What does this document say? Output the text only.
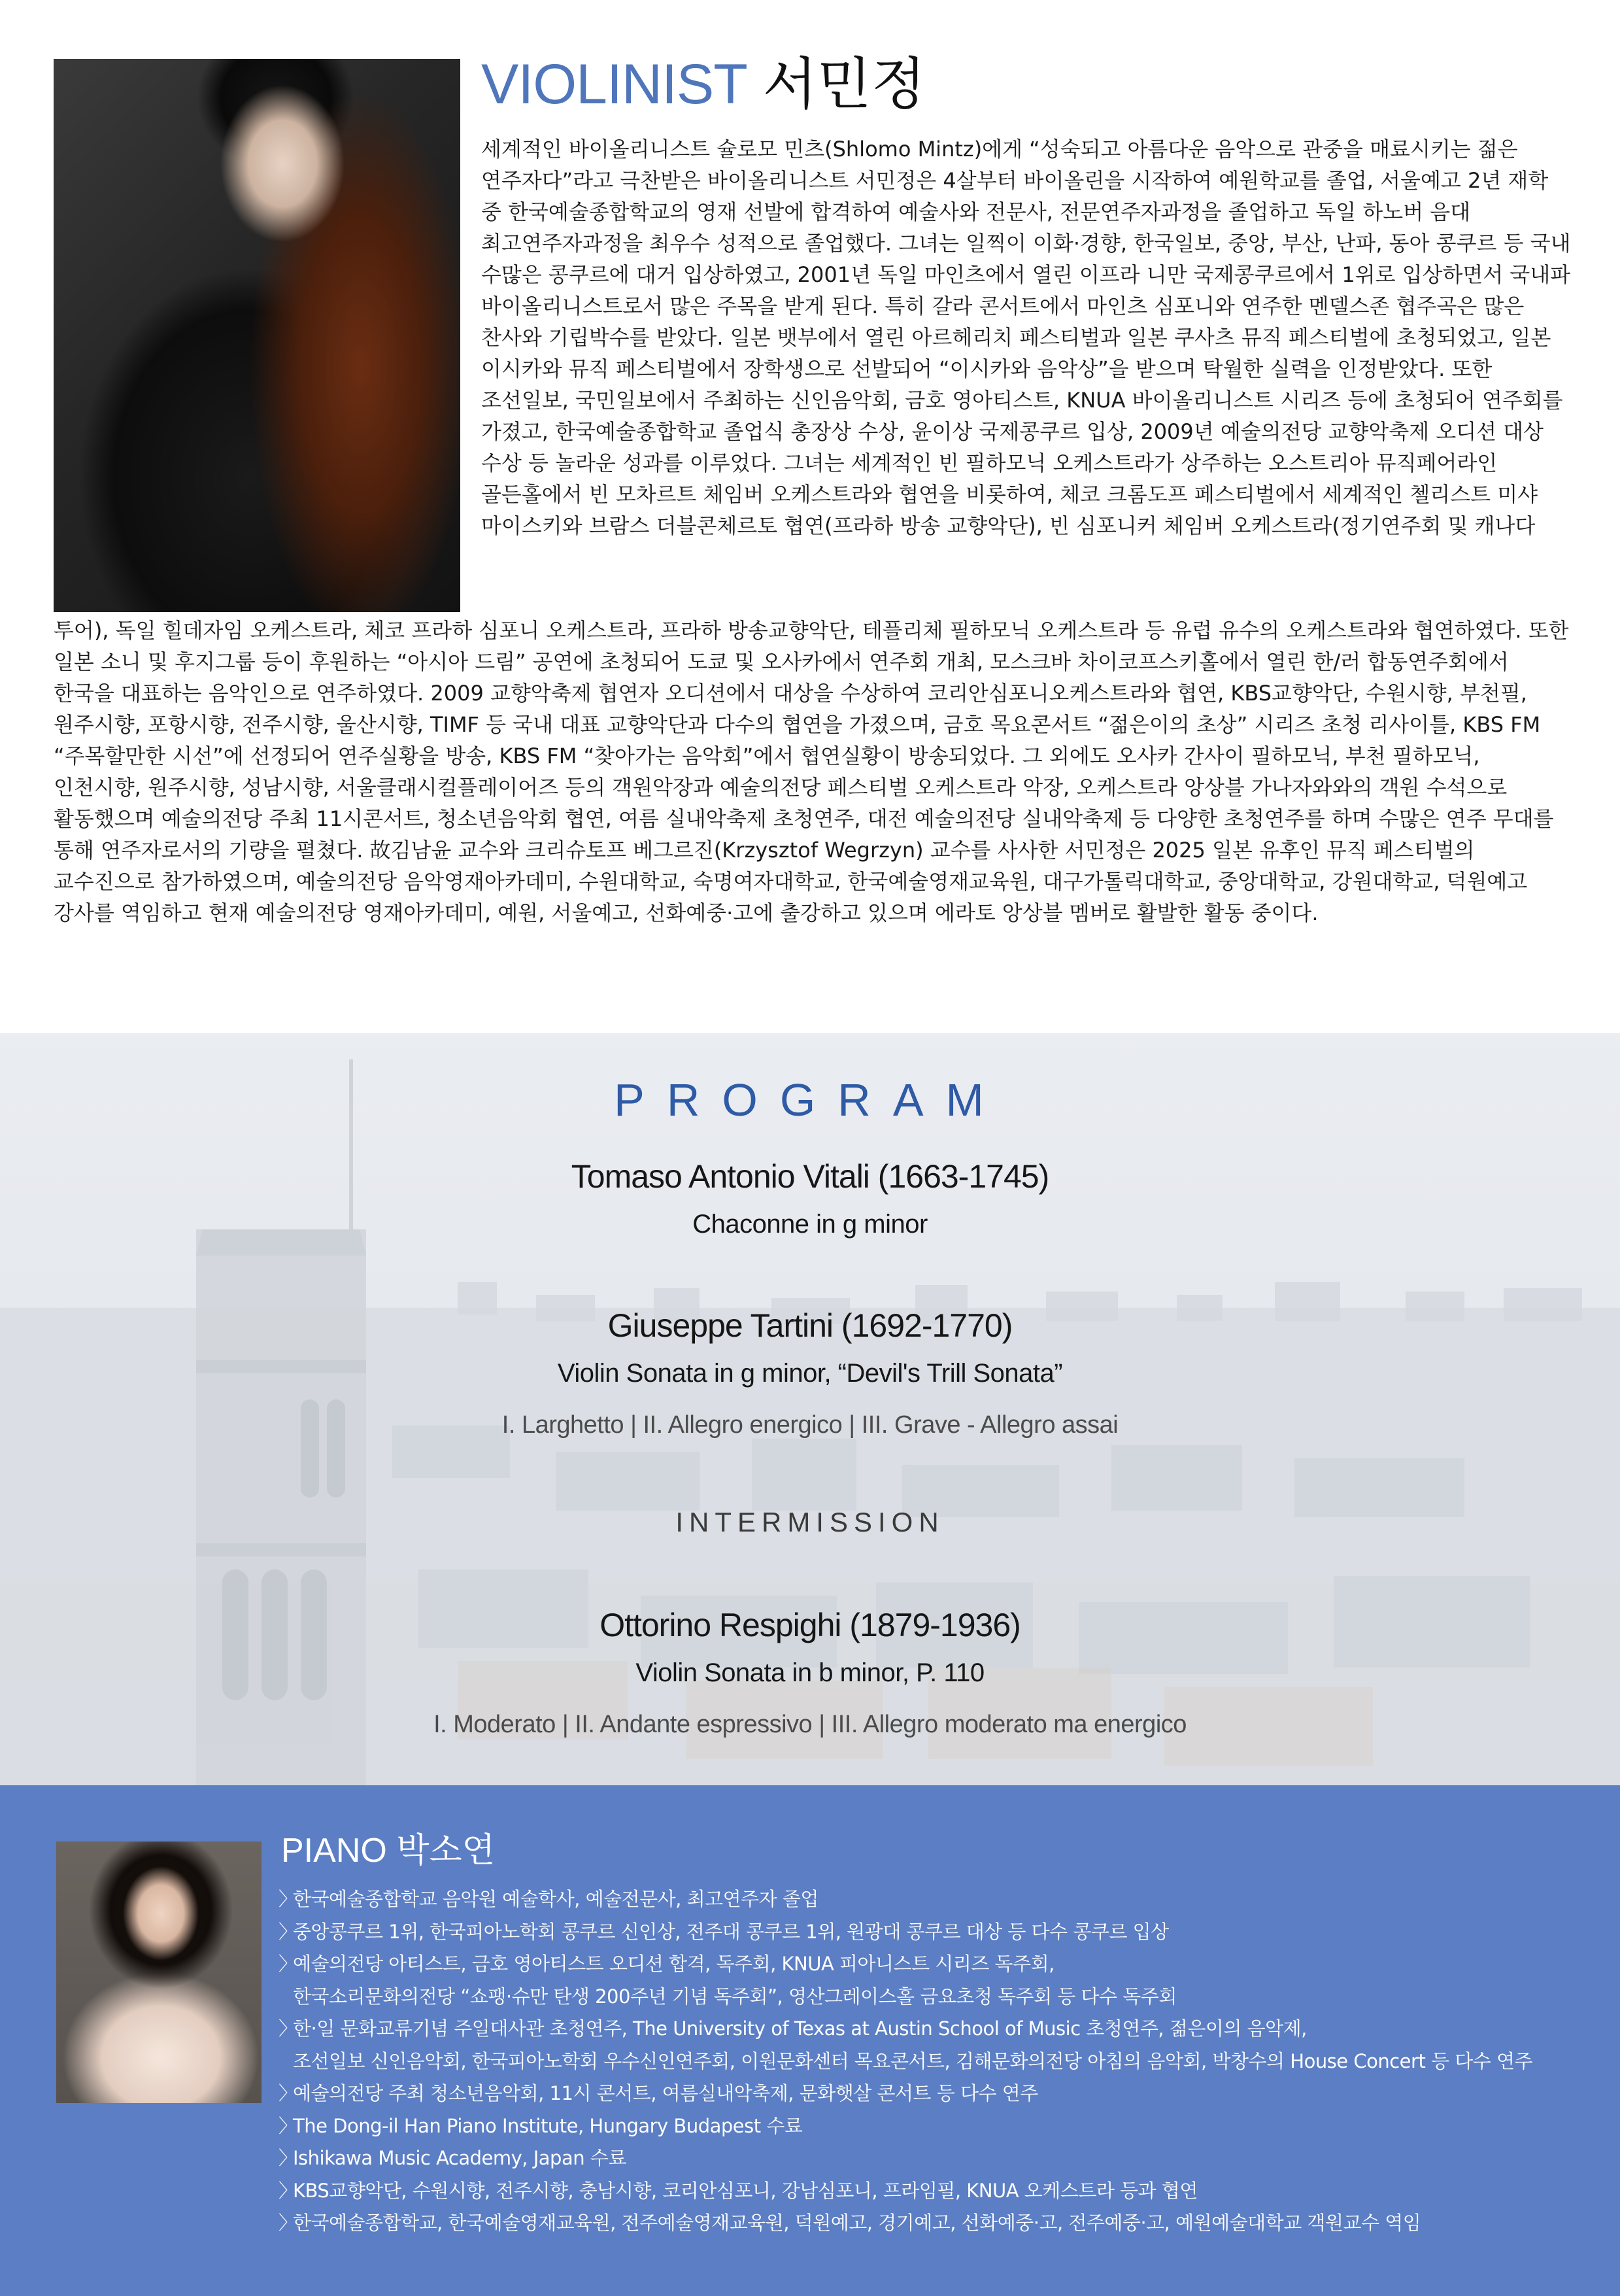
VIOLINIST 서민정
세계적인 바이올리니스트 슐로모 민츠(Shlomo Mintz)에게 “성숙되고 아름다운 음악으로 관중을 매료시키는 젊은
연주자다”라고 극찬받은 바이올리니스트 서민정은 4살부터 바이올린을 시작하여 예원학교를 졸업, 서울예고 2년 재학
중 한국예술종합학교의 영재 선발에 합격하여 예술사와 전문사, 전문연주자과정을 졸업하고 독일 하노버 음대
최고연주자과정을 최우수 성적으로 졸업했다. 그녀는 일찍이 이화·경향, 한국일보, 중앙, 부산, 난파, 동아 콩쿠르 등 국내
수많은 콩쿠르에 대거 입상하였고, 2001년 독일 마인츠에서 열린 이프라 니만 국제콩쿠르에서 1위로 입상하면서 국내파
바이올리니스트로서 많은 주목을 받게 된다. 특히 갈라 콘서트에서 마인츠 심포니와 연주한 멘델스존 협주곡은 많은
찬사와 기립박수를 받았다. 일본 뱃부에서 열린 아르헤리치 페스티벌과 일본 쿠사츠 뮤직 페스티벌에 초청되었고, 일본
이시카와 뮤직 페스티벌에서 장학생으로 선발되어 “이시카와 음악상”을 받으며 탁월한 실력을 인정받았다. 또한
조선일보, 국민일보에서 주최하는 신인음악회, 금호 영아티스트, KNUA 바이올리니스트 시리즈 등에 초청되어 연주회를
가졌고, 한국예술종합학교 졸업식 총장상 수상, 윤이상 국제콩쿠르 입상, 2009년 예술의전당 교향악축제 오디션 대상
수상 등 놀라운 성과를 이루었다. 그녀는 세계적인 빈 필하모닉 오케스트라가 상주하는 오스트리아 뮤직페어라인
골든홀에서 빈 모차르트 체임버 오케스트라와 협연을 비롯하여, 체코 크롬도프 페스티벌에서 세계적인 첼리스트 미샤
마이스키와 브람스 더블콘체르토 협연(프라하 방송 교향악단), 빈 심포니커 체임버 오케스트라(정기연주회 및 캐나다
투어), 독일 힐데자임 오케스트라, 체코 프라하 심포니 오케스트라, 프라하 방송교향악단, 테플리체 필하모닉 오케스트라 등 유럽 유수의 오케스트라와 협연하였다. 또한
일본 소니 및 후지그룹 등이 후원하는 “아시아 드림” 공연에 초청되어 도쿄 및 오사카에서 연주회 개최, 모스크바 차이코프스키홀에서 열린 한/러 합동연주회에서
한국을 대표하는 음악인으로 연주하였다. 2009 교향악축제 협연자 오디션에서 대상을 수상하여 코리안심포니오케스트라와 협연, KBS교향악단, 수원시향, 부천필,
원주시향, 포항시향, 전주시향, 울산시향, TIMF 등 국내 대표 교향악단과 다수의 협연을 가졌으며, 금호 목요콘서트 “젊은이의 초상” 시리즈 초청 리사이틀, KBS FM
“주목할만한 시선”에 선정되어 연주실황을 방송, KBS FM “찾아가는 음악회”에서 협연실황이 방송되었다. 그 외에도 오사카 간사이 필하모닉, 부천 필하모닉,
인천시향, 원주시향, 성남시향, 서울클래시컬플레이어즈 등의 객원악장과 예술의전당 페스티벌 오케스트라 악장, 오케스트라 앙상블 가나자와와의 객원 수석으로
활동했으며 예술의전당 주최 11시콘서트, 청소년음악회 협연, 여름 실내악축제 초청연주, 대전 예술의전당 실내악축제 등 다양한 초청연주를 하며 수많은 연주 무대를
통해 연주자로서의 기량을 펼쳤다. 故김남윤 교수와 크리슈토프 베그르진(Krzysztof Wegrzyn) 교수를 사사한 서민정은 2025 일본 유후인 뮤직 페스티벌의
교수진으로 참가하였으며, 예술의전당 음악영재아카데미, 수원대학교, 숙명여자대학교, 한국예술영재교육원, 대구가톨릭대학교, 중앙대학교, 강원대학교, 덕원예고
강사를 역임하고 현재 예술의전당 영재아카데미, 예원, 서울예고, 선화예중·고에 출강하고 있으며 에라토 앙상블 멤버로 활발한 활동 중이다.
PROGRAM
Tomaso Antonio Vitali (1663-1745)
Chaconne in g minor
Giuseppe Tartini (1692-1770)
Violin Sonata in g minor, “Devil's Trill Sonata”
I. Larghetto | II. Allegro energico | III. Grave - Allegro assai
INTERMISSION
Ottorino Respighi (1879-1936)
Violin Sonata in b minor, P. 110
I. Moderato | II. Andante espressivo | III. Allegro moderato ma energico
PIANO 박소연
〉한국예술종합학교 음악원 예술학사, 예술전문사, 최고연주자 졸업
〉중앙콩쿠르 1위, 한국피아노학회 콩쿠르 신인상, 전주대 콩쿠르 1위, 원광대 콩쿠르 대상 등 다수 콩쿠르 입상
〉예술의전당 아티스트, 금호 영아티스트 오디션 합격, 독주회, KNUA 피아니스트 시리즈 독주회,
한국소리문화의전당 “쇼팽·슈만 탄생 200주년 기념 독주회”, 영산그레이스홀 금요초청 독주회 등 다수 독주회
〉한·일 문화교류기념 주일대사관 초청연주, The University of Texas at Austin School of Music 초청연주, 젊은이의 음악제,
조선일보 신인음악회, 한국피아노학회 우수신인연주회, 이원문화센터 목요콘서트, 김해문화의전당 아침의 음악회, 박창수의 House Concert 등 다수 연주
〉예술의전당 주최 청소년음악회, 11시 콘서트, 여름실내악축제, 문화햇살 콘서트 등 다수 연주
〉The Dong-il Han Piano Institute, Hungary Budapest 수료
〉Ishikawa Music Academy, Japan 수료
〉KBS교향악단, 수원시향, 전주시향, 충남시향, 코리안심포니, 강남심포니, 프라임필, KNUA 오케스트라 등과 협연
〉한국예술종합학교, 한국예술영재교육원, 전주예술영재교육원, 덕원예고, 경기예고, 선화예중·고, 전주예중·고, 예원예술대학교 객원교수 역임
